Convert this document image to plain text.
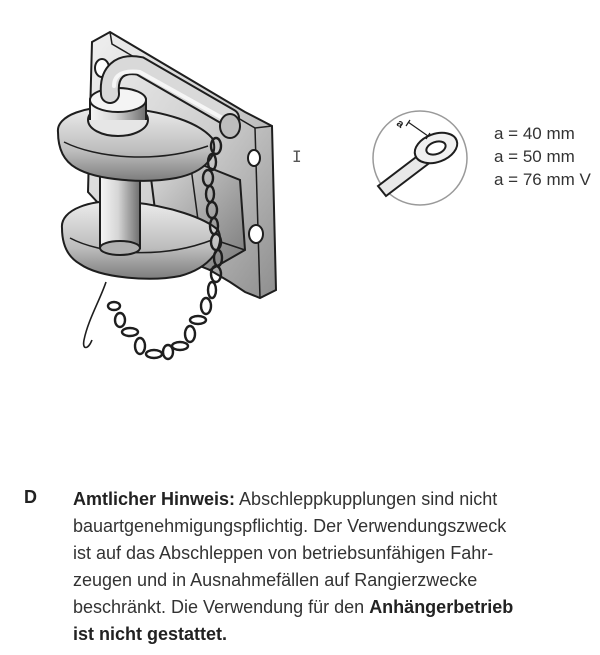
I
a	a = 40 mm
a = 50 mm
a = 76 mm V
D Amtlicher Hinweis: Abschleppkupplungen sind nicht
bauartgenehmigungspflichtig. Der Verwendungszweck
ist auf das Abschleppen von betriebsunfähigen Fahr-
zeugen und in Ausnahmefällen auf Rangierzwecke
beschränkt. Die Verwendung für den Anhängerbetrieb
ist nicht gestattet.
